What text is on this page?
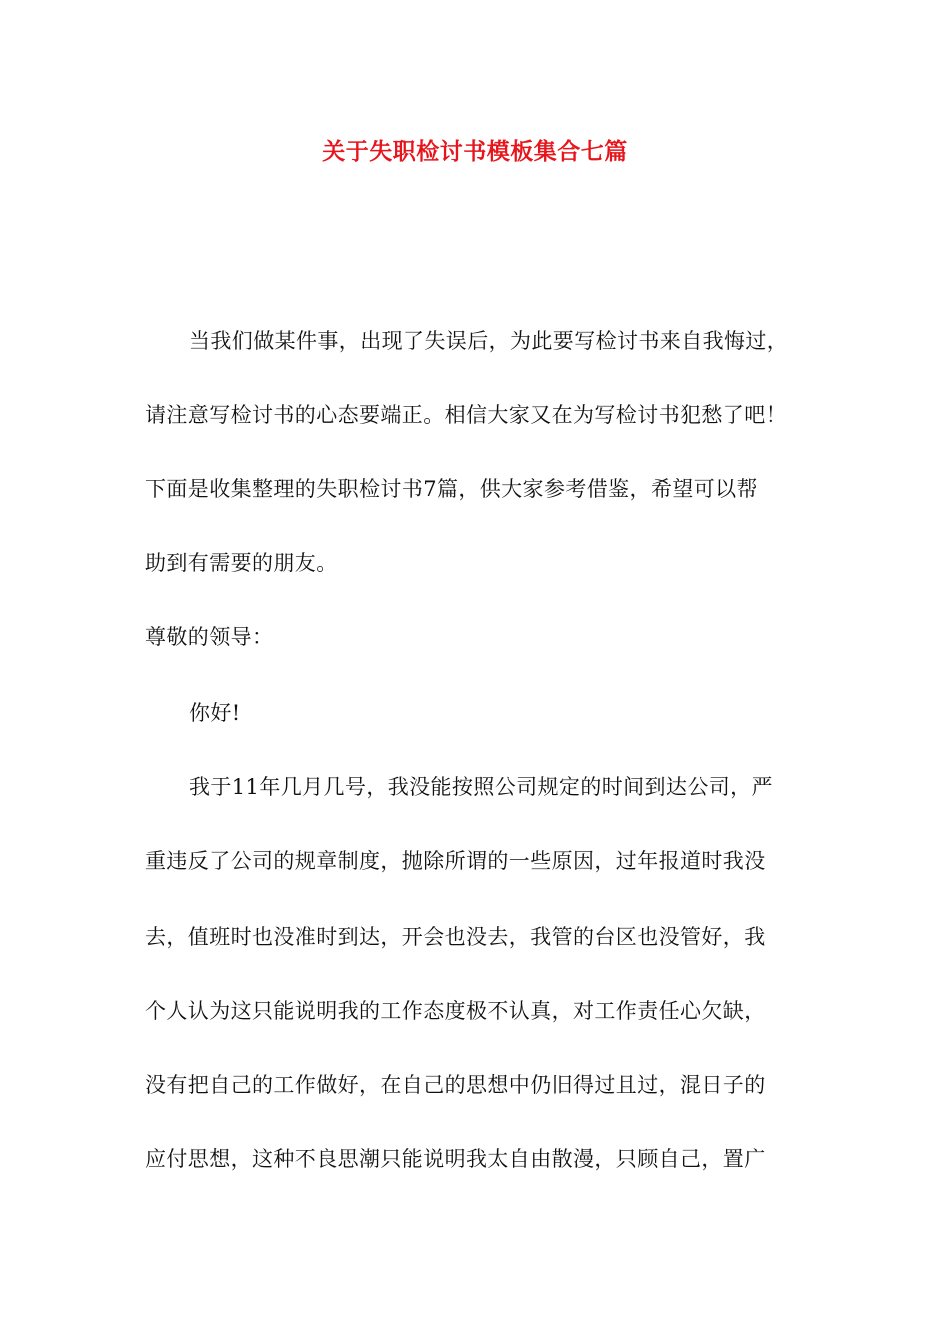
关于失职检讨书模板集合七篇
当我们做某件事，出现了失误后，为此要写检讨书来自我悔过，
请注意写检讨书的心态要端正。相信大家又在为写检讨书犯愁了吧！
下面是收集整理的失职检讨书7篇，供大家参考借鉴，希望可以帮
助到有需要的朋友。
尊敬的领导：
你好!
我于11年几月几号，我没能按照公司规定的时间到达公司，严
重违反了公司的规章制度，抛除所谓的一些原因，过年报道时我没
去，值班时也没准时到达，开会也没去，我管的台区也没管好，我
个人认为这只能说明我的工作态度极不认真，对工作责任心欠缺，
没有把自己的工作做好，在自己的思想中仍旧得过且过，混日子的
应付思想，这种不良思潮只能说明我太自由散漫，只顾自己，置广
